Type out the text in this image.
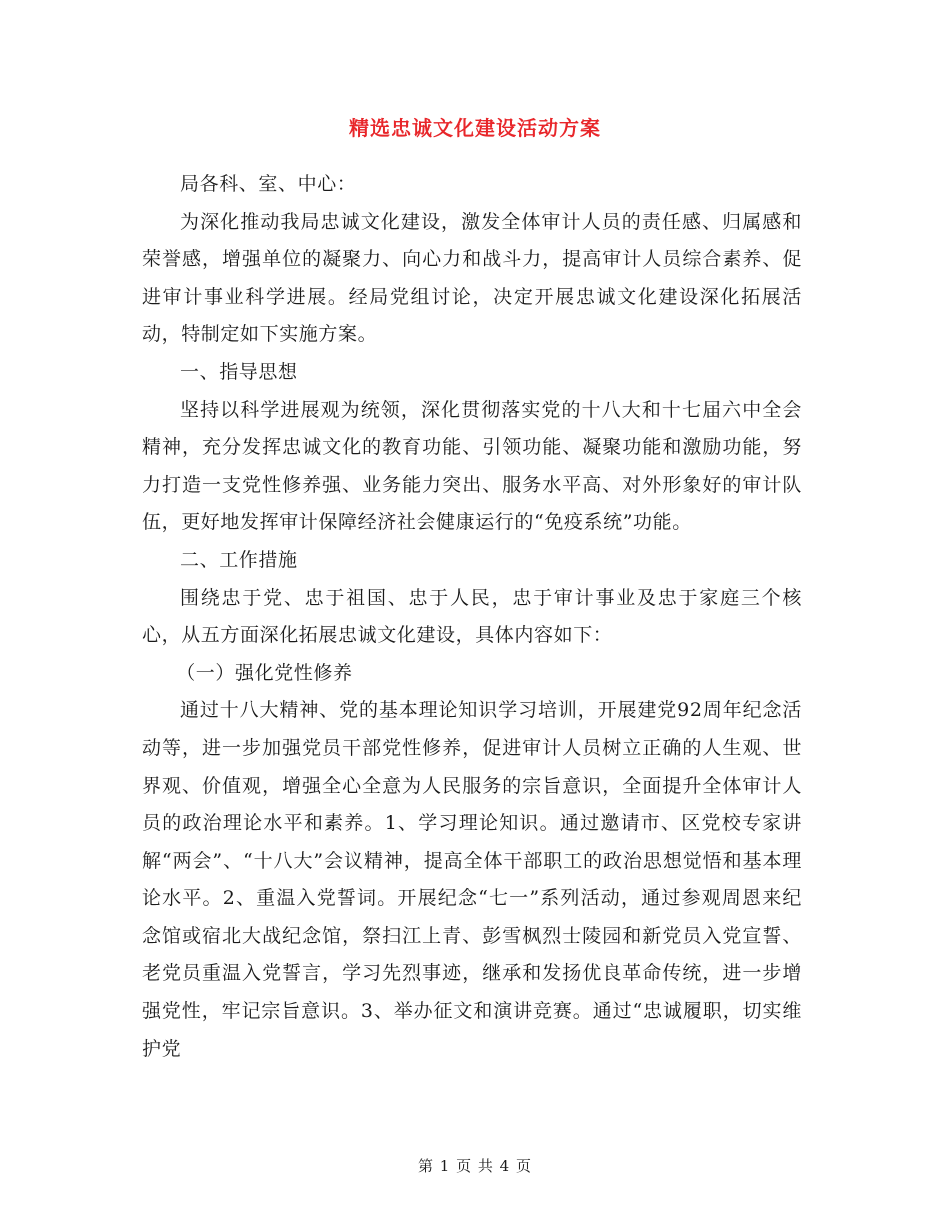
精选忠诚文化建设活动方案

局各科、室、中心：

为深化推动我局忠诚文化建设，激发全体审计人员的责任感、归属感和荣誉感，增强单位的凝聚力、向心力和战斗力，提高审计人员综合素养、促进审计事业科学进展。经局党组讨论，决定开展忠诚文化建设深化拓展活动，特制定如下实施方案。

一、指导思想

坚持以科学进展观为统领，深化贯彻落实党的十八大和十七届六中全会精神，充分发挥忠诚文化的教育功能、引领功能、凝聚功能和激励功能，努力打造一支党性修养强、业务能力突出、服务水平高、对外形象好的审计队伍，更好地发挥审计保障经济社会健康运行的“免疫系统”功能。

二、工作措施

围绕忠于党、忠于祖国、忠于人民，忠于审计事业及忠于家庭三个核心，从五方面深化拓展忠诚文化建设，具体内容如下：

（一）强化党性修养

通过十八大精神、党的基本理论知识学习培训，开展建党92周年纪念活动等，进一步加强党员干部党性修养，促进审计人员树立正确的人生观、世界观、价值观，增强全心全意为人民服务的宗旨意识，全面提升全体审计人员的政治理论水平和素养。1、学习理论知识。通过邀请市、区党校专家讲解“两会”、“十八大”会议精神，提高全体干部职工的政治思想觉悟和基本理论水平。2、重温入党誓词。开展纪念“七一”系列活动，通过参观周恩来纪念馆或宿北大战纪念馆，祭扫江上青、彭雪枫烈士陵园和新党员入党宣誓、老党员重温入党誓言，学习先烈事迹，继承和发扬优良革命传统，进一步增强党性，牢记宗旨意识。3、举办征文和演讲竞赛。通过“忠诚履职，切实维护党

第 1 页 共 4 页
